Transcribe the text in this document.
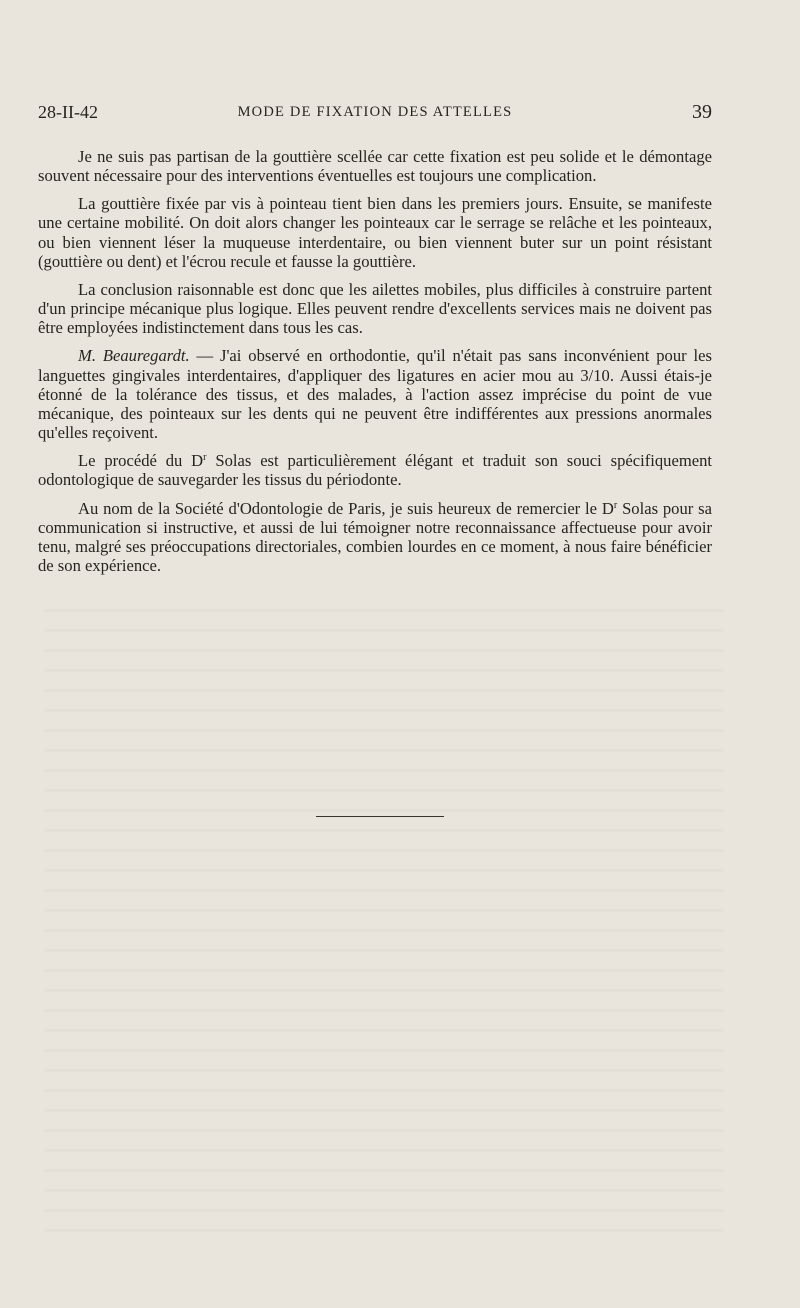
28-II-42	MODE DE FIXATION DES ATTELLES	39

Je ne suis pas partisan de la gouttière scellée car cette fixation est peu solide et le démontage souvent nécessaire pour des interventions éventuelles est toujours une complication.

La gouttière fixée par vis à pointeau tient bien dans les premiers jours. Ensuite, se manifeste une certaine mobilité. On doit alors changer les pointeaux car le serrage se relâche et les pointeaux, ou bien viennent léser la muqueuse interdentaire, ou bien viennent buter sur un point résistant (gouttière ou dent) et l'écrou recule et fausse la gouttière.

La conclusion raisonnable est donc que les ailettes mobiles, plus difficiles à construire partent d'un principe mécanique plus logique. Elles peuvent rendre d'excellents services mais ne doivent pas être employées indistinctement dans tous les cas.

M. Beauregardt. — J'ai observé en orthodontie, qu'il n'était pas sans inconvénient pour les languettes gingivales interdentaires, d'appliquer des ligatures en acier mou au 3/10. Aussi étais-je étonné de la tolérance des tissus, et des malades, à l'action assez imprécise du point de vue mécanique, des pointeaux sur les dents qui ne peuvent être indifférentes aux pressions anormales qu'elles reçoivent.

Le procédé du $D^r$ Solas est particulièrement élégant et traduit son souci spécifiquement odontologique de sauvegarder les tissus du périodonte.

Au nom de la Société d'Odontologie de Paris, je suis heureux de remercier le $D^r$ Solas pour sa communication si instructive, et aussi de lui témoigner notre reconnaissance affectueuse pour avoir tenu, malgré ses préoccupations directoriales, combien lourdes en ce moment, à nous faire bénéficier de son expérience.
